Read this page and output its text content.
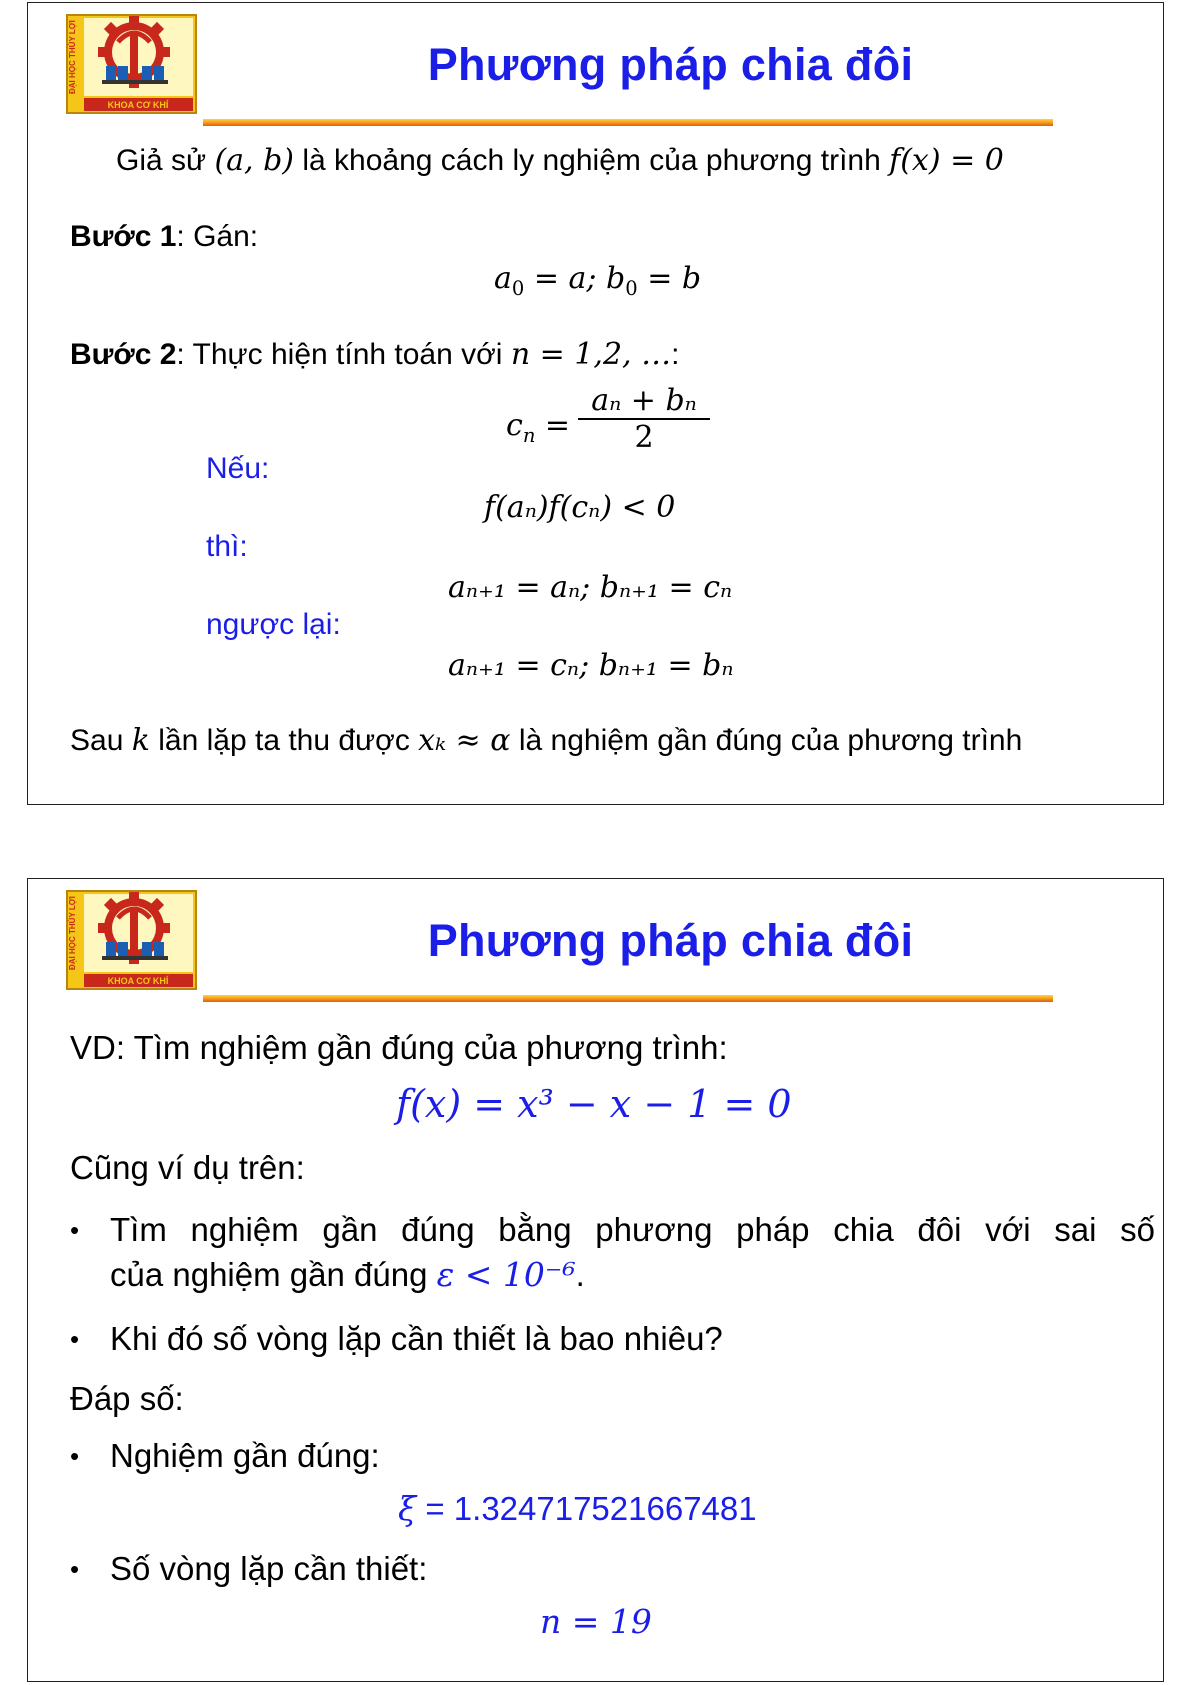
ĐẠI HỌC THỦY LỢI
KHOA CƠ KHÍ
Phương pháp chia đôi
Giả sử (a, b) là khoảng cách ly nghiệm của phương trình f(x) = 0
Bước 1: Gán:
$a_0 = a$; $b_0 = b$
Bước 2: Thực hiện tính toán với n = 1,2, …:
$c_n$ =
aₙ + bₙ
2
Nếu:
f(aₙ)f(cₙ) < 0
thì:
aₙ₊₁ = aₙ; bₙ₊₁ = cₙ
ngược lại:
aₙ₊₁ = cₙ; bₙ₊₁ = bₙ
Sau k lần lặp ta thu được xₖ ≈ α là nghiệm gần đúng của phương trình
ĐẠI HỌC THỦY LỢI
KHOA CƠ KHÍ
Phương pháp chia đôi
VD: Tìm nghiệm gần đúng của phương trình:
f(x) = x³ − x − 1 = 0
Cũng ví dụ trên:
• Tìm nghiệm gần đúng bằng phương pháp chia đôi với sai số
của nghiệm gần đúng ε < 10⁻⁶.
• Khi đó số vòng lặp cần thiết là bao nhiêu?
Đáp số:
• Nghiệm gần đúng:
ξ = 1.324717521667481
• Số vòng lặp cần thiết:
n = 19
